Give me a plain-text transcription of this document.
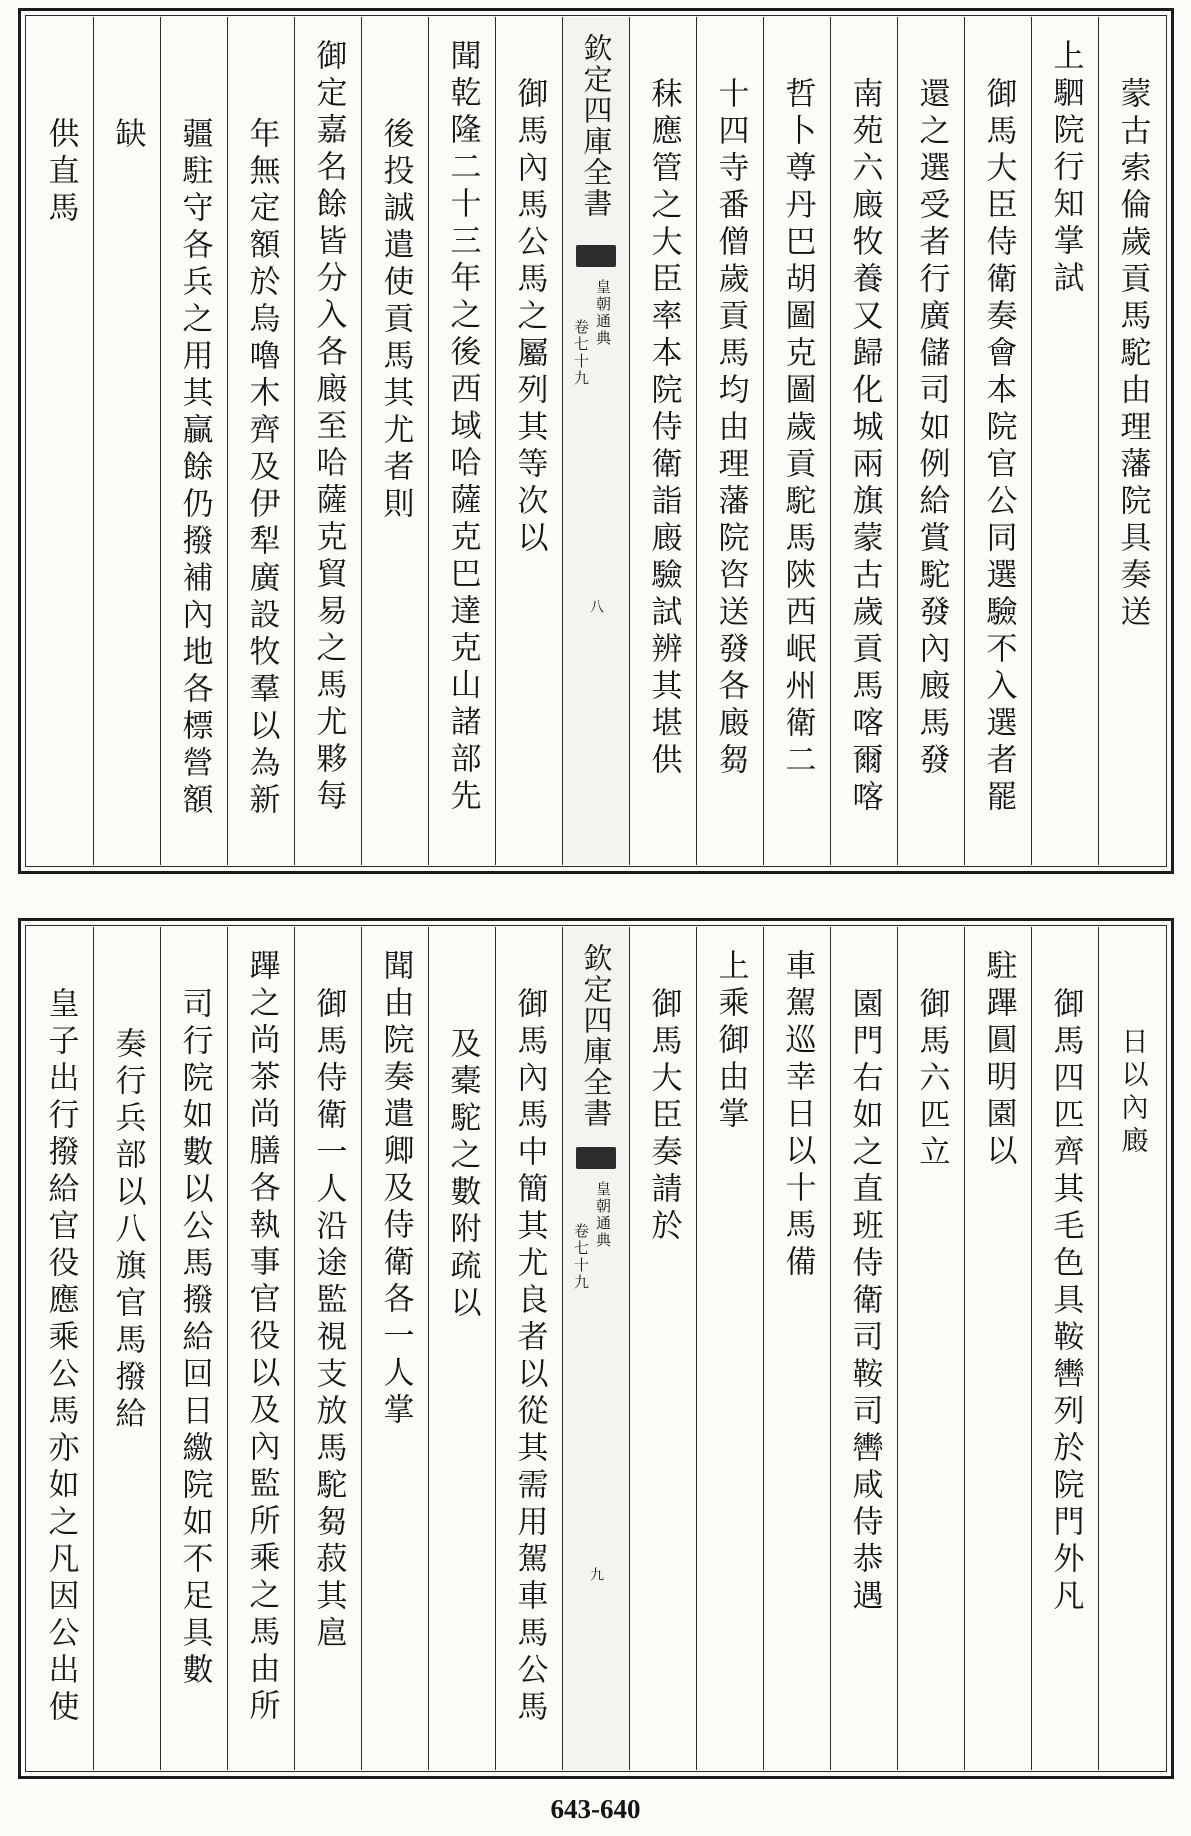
蒙古索倫歲貢馬駝由理藩院具奏送
上駟院行知掌試
御馬大臣侍衛奏會本院官公同選驗不入選者罷
還之選受者行廣儲司如例給賞駝發內廄馬發
南苑六廄牧養又歸化城兩旗蒙古歲貢馬喀爾喀
哲卜尊丹巴胡圖克圖歲貢駝馬陝西岷州衛二
十四寺番僧歲貢馬均由理藩院咨送發各廄芻
秣應管之大臣率本院侍衛詣廄驗試辨其堪供
欽定四庫全書
皇朝通典
卷七十九
八
御馬內馬公馬之屬列其等次以
聞乾隆二十三年之後西域哈薩克巴達克山諸部先
後投誠遣使貢馬其尤者則
御定嘉名餘皆分入各廄至哈薩克貿易之馬尤夥每
年無定額於烏嚕木齊及伊犁廣設牧羣以為新
疆駐守各兵之用其贏餘仍撥補內地各標營額
缺
供直馬
日以內廄
御馬四匹齊其毛色具鞍轡列於院門外凡
駐蹕圓明園以
御馬六匹立
園門右如之直班侍衛司鞍司轡咸侍恭遇
車駕巡幸日以十馬備
上乘御由掌
御馬大臣奏請於
欽定四庫全書
皇朝通典
卷七十九
九
御馬內馬中簡其尤良者以從其需用駕車馬公馬
及橐駝之數附疏以
聞由院奏遣卿及侍衛各一人掌
御馬侍衛一人沿途監視支放馬駝芻菽其扈
蹕之尚茶尚膳各執事官役以及內監所乘之馬由所
司行院如數以公馬撥給回日繳院如不足具數
奏行兵部以八旗官馬撥給
皇子出行撥給官役應乘公馬亦如之凡因公出使
643-640
